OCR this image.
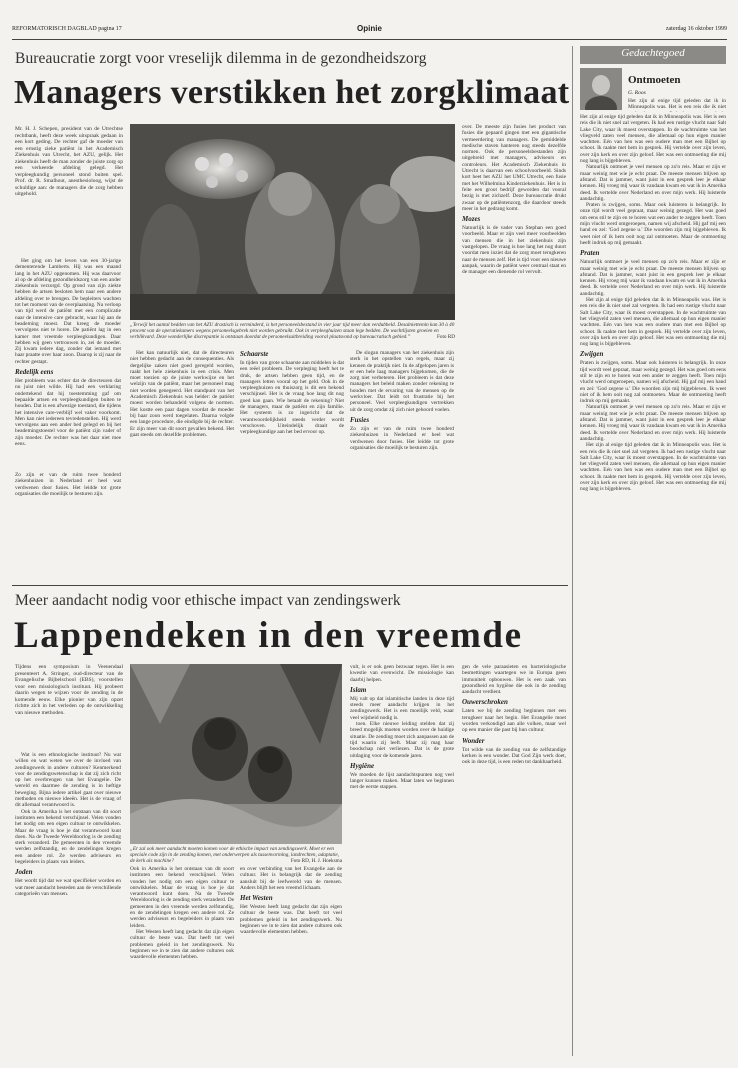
REFORMATORISCH DAGBLAD pagina 17	Opinie	zaterdag 16 oktober 1999
Bureaucratie zorgt voor vreselijk dilemma in de gezondheidszorg
Managers verstikken het zorgklimaat
Mr. H. J. Schepen, president van de Utrechtse rechtbank, heeft deze week uitspraak gedaan in een kort geding. De rechter gaf de moeder van een ernstig zieke patiënt in het Academisch Ziekenhuis van Utrecht, het AZU, gelijk. Het ziekenhuis heeft de man zonder de juiste zorg op een verkeerde afdeling gelegd. Het verpleegkundig personeel stond buiten spel. Prof. dr. R. Smalhout, anesthesioloog, wijst de schuldige aan: de managers die de zorg hebben uitgehold.
„Terwijl het aantal bedden van het AZU drastisch is verminderd, is het personeelsbestand in vier jaar tijd meer dan verdubbeld. Desalniettemin kan 30 à 40 procent van de operatiekamers wegens personeelsgebrek niet worden gebruikt. Ook in verpleeghuizen staan lege bedden. De wachtlijsten groeien en verblikvard. Deze wonderlijke discrepantie is ontstaan doordat de personeelsuitbreiding vooral plaatsvond op bureaucratisch gebied.”	Foto RD

Het ging om het leven van een 30-jarige dementerende Lamberts. Hij was een maand lang in het AZU opgenomen. Hij was daarvoor al op de afdeling gezondheidszorg van een ander ziekenhuis verzorgd. Op grond van zijn ziekte hebben de artsen besloten hem naar een andere afdeling over te brengen. De bepleiters wachten tot het moment van de overplaatsing. Na verloop van tijd werd de patiënt met een complicatie naar de intensive care gebracht, waar hij aan de beademing moest. Dat kreeg de moeder vervolgens niet te horen. De patiënt lag in een kamer met vreemde verpleegkundigen. Daar hebben wij geen vertrouwen in, zei de moeder. Zij kwam iedere dag, zonder dat iemand met haar praatte over haar zoon. Daarop is zij naar de rechter gestapt.

Redelijk eens

Het probleem was echter dat de directeuren dat nu juist niet wilde. Hij had een verklaring ondertekend dat hij toestemming gaf om bepaalde artsen en verpleegkundigen buiten te houden. Dat is een afwezige toestand, die tijdens het intensive care-verblijf wel vaker voorkomt. Men kan niet iedereen tevredenstellen. Hij werd vervolgens aan een ander bed gelegd en bij het beademingstoestel voor de patiënt zijn vader of zijn moeder. De rechter was het daar niet mee eens.

Zo zijn er van de ruim twee honderd ziekenhuizen in Nederland er heel wat verdwenen door fusies. Het leidde tot grote organisaties die moeilijk te besturen zijn.

Het kan natuurlijk niet, dat de directeuren niet hebben gedacht aan de consequenties. Als dergelijke zaken niet goed geregeld worden, raakt het hele ziekenhuis in een crisis. Men moet toezien op de juiste werkwijze en het welzijn van de patiënt, maar het personeel mag niet worden genegeerd. Het standpunt van het Academisch Ziekenhuis was helder: de patiënt moest worden behandeld volgens de normen. Het kostte een paar dagen voordat de moeder bij haar zoon werd toegelaten. Daarna volgde een lange procedure, die eindigde bij de rechter. Er zijn meer van dit soort gevallen bekend. Het gaat steeds om dezelfde problemen.

Schaarste

In tijden van grote schaarste aan middelen is dat een reëel probleem. De verpleging heeft het te druk, de artsen hebben geen tijd, en de managers letten vooral op het geld. Ook in de verpleeghuizen en thuiszorg is dit een bekend verschijnsel. Het is de vraag hoe lang dit nog goed kan gaan. Wie betaalt de rekening? Niet de managers, maar de patiënt en zijn familie. Het systeem is zo ingericht dat de verantwoordelijkheid steeds verder wordt verschoven. Uiteindelijk draait de verpleegkundige aan het bed ervoor op.

De slogan managers van het ziekenhuis zijn sterk in het opstellen van regels, maar zij kennen de praktijk niet. In de afgelopen jaren is er een hele laag managers bijgekomen, die de zorg niet verbeteren. Het probleem is dat deze managers het beleid maken zonder rekening te houden met de ervaring van de mensen op de werkvloer. Dat leidt tot frustratie bij het personeel. Veel verpleegkundigen vertrekken uit de zorg omdat zij zich niet gehoord voelen.

Fusies

Zo zijn er van de ruim twee honderd ziekenhuizen in Nederland er heel wat verdwenen door fusies. Het leidde tot grote organisaties die moeilijk te besturen zijn.

over. De meeste zijn fusies het product van fusies die gepaard gingen met een gigantische vermeerdering van managers. De gemiddelde medische staven hanteren nog steeds dezelfde normen. Ook de personeelsbestanden zijn uitgebreid met managers, adviseurs en controleurs. Het Academisch Ziekenhuis in Utrecht is daarvan een schoolvoorbeeld. Sinds kort heet het AZU het UMC Utrecht, een fusie met het Wilhelmina Kinderziekenhuis. Het is in feite een groot bedrijf geworden dat vooral bezig is met zichzelf. Deze bureaucratie drukt zwaar op de patiëntenzorg, die daardoor steeds meer in het gedrang komt.

Mozes

Natuurlijk is de vader van Stephan een goed voorbeeld. Maar er zijn veel meer voorbeelden van mensen die in het ziekenhuis zijn vastgelopen. De vraag is hoe lang het nog duurt voordat men inziet dat de zorg moet terugkeren naar de mensen zelf. Het is tijd voor een nieuwe aanpak, waarin de patiënt weer centraal staat en de manager een dienende rol vervult.

Gedachtegoed
Ontmoeten
G. Roos

Het zijn al enige tijd geleden dat ik in Minneapolis was. Het is een reis die ik niet

Het zijn al enige tijd geleden dat ik in Minneapolis was. Het is een reis die ik niet snel zal vergeten. Ik had een rustige vlucht naar Salt Lake City, waar ik moest overstappen. In de wachtruimte van het vliegveld zaten veel mensen, die allemaal op hun eigen manier wachtten. Eén van hen was een oudere man met een Bijbel op schoot. Ik raakte met hem in gesprek. Hij vertelde over zijn leven, over zijn kerk en over zijn geloof. Het was een ontmoeting die mij nog lang is bijgebleven.

Natuurlijk ontmoet je veel mensen op zo'n reis. Maar er zijn er maar weinig met wie je echt praat. De meeste mensen blijven op afstand. Dat is jammer, want juist in een gesprek leer je elkaar kennen. Hij vroeg mij waar ik vandaan kwam en wat ik in Amerika deed. Ik vertelde over Nederland en over mijn werk. Hij luisterde aandachtig.

Praten is zwijgen, soms. Maar ook luisteren is belangrijk. In onze tijd wordt veel gepraat, maar weinig gezegd. Het was goed om eens stil te zijn en te horen wat een ander te zeggen heeft. Toen mijn vlucht werd omgeroepen, namen wij afscheid. Hij gaf mij een hand en zei: 'God zegene u.' Die woorden zijn mij bijgebleven. Ik weet niet of ik hem ooit nog zal ontmoeten. Maar de ontmoeting heeft indruk op mij gemaakt.

Praten

Natuurlijk ontmoet je veel mensen op zo'n reis. Maar er zijn er maar weinig met wie je echt praat. De meeste mensen blijven op afstand. Dat is jammer, want juist in een gesprek leer je elkaar kennen. Hij vroeg mij waar ik vandaan kwam en wat ik in Amerika deed. Ik vertelde over Nederland en over mijn werk. Hij luisterde aandachtig.

Het zijn al enige tijd geleden dat ik in Minneapolis was. Het is een reis die ik niet snel zal vergeten. Ik had een rustige vlucht naar Salt Lake City, waar ik moest overstappen. In de wachtruimte van het vliegveld zaten veel mensen, die allemaal op hun eigen manier wachtten. Eén van hen was een oudere man met een Bijbel op schoot. Ik raakte met hem in gesprek. Hij vertelde over zijn leven, over zijn kerk en over zijn geloof. Het was een ontmoeting die mij nog lang is bijgebleven.

Zwijgen

Praten is zwijgen, soms. Maar ook luisteren is belangrijk. In onze tijd wordt veel gepraat, maar weinig gezegd. Het was goed om eens stil te zijn en te horen wat een ander te zeggen heeft. Toen mijn vlucht werd omgeroepen, namen wij afscheid. Hij gaf mij een hand en zei: 'God zegene u.' Die woorden zijn mij bijgebleven. Ik weet niet of ik hem ooit nog zal ontmoeten. Maar de ontmoeting heeft indruk op mij gemaakt.

Natuurlijk ontmoet je veel mensen op zo'n reis. Maar er zijn er maar weinig met wie je echt praat. De meeste mensen blijven op afstand. Dat is jammer, want juist in een gesprek leer je elkaar kennen. Hij vroeg mij waar ik vandaan kwam en wat ik in Amerika deed. Ik vertelde over Nederland en over mijn werk. Hij luisterde aandachtig.

Het zijn al enige tijd geleden dat ik in Minneapolis was. Het is een reis die ik niet snel zal vergeten. Ik had een rustige vlucht naar Salt Lake City, waar ik moest overstappen. In de wachtruimte van het vliegveld zaten veel mensen, die allemaal op hun eigen manier wachtten. Eén van hen was een oudere man met een Bijbel op schoot. Ik raakte met hem in gesprek. Hij vertelde over zijn leven, over zijn kerk en over zijn geloof. Het was een ontmoeting die mij nog lang is bijgebleven.

Meer aandacht nodig voor ethische impact van zendingswerk
Lappendeken in den vreemde
Tijdens een symposium in Veenendaal presenteert A. Stringer, oud-directeur van de Evangelische Bijbelschool (EBS), voorstellen voor een missiologisch instituut. Hij probeert daarin wegen te wijzen voor de zending in de komende eeuw. Elke pionier van zijn opzet richtte zich in het verleden op de ontwikkeling van nieuwe methoden.
„Er zal ook meer aandacht moeten komen voor de ethische impact van zendingswerk. Moet er een speciale code zijn in de zending komen, met onderwerpen als tussenvorming, landrechten, adaptatie, de kerk als machine?	Foto RD, H. J. Hoeksma

Wat is een ethnologische instituut? Nu wat willen en wat weten we over de invloed van zendingswerk in andere culturen? Kenmerkend voor de zendingswetenschap is dat zij zich richt op het overbrengen van het Evangelie. De wereld en daarmee de zending is in heftige beweging. Bijna iedere artikel gaat over nieuwe methoden en nieuwe ideeën. Het is de vraag of dit allemaal verantwoord is.

Ook in Amerika is het ontstaan van dit soort instituten een bekend verschijnsel. Velen vonden het nodig om een eigen cultuur te ontwikkelen. Maar de vraag is hoe je dat verantwoord kunt doen. Na de Tweede Wereldoorlog is de zending sterk veranderd. De gemeenten in den vreemde werden zelfstandig, en de zendelingen kregen een andere rol. Ze werden adviseurs en begeleiders in plaats van leiders.

Joden

Het wordt tijd dat we wat specifieker worden en wat meer aandacht besteden aan de verschillende categorieën van mensen.

Ook in Amerika is het ontstaan van dit soort instituten een bekend verschijnsel. Velen vonden het nodig om een eigen cultuur te ontwikkelen. Maar de vraag is hoe je dat verantwoord kunt doen. Na de Tweede Wereldoorlog is de zending sterk veranderd. De gemeenten in den vreemde werden zelfstandig, en de zendelingen kregen een andere rol. Ze werden adviseurs en begeleiders in plaats van leiders.

Het Westen heeft lang gedacht dat zijn eigen cultuur de beste was. Dat heeft tot veel problemen geleid in het zendingswerk. Nu beginnen we in te zien dat andere culturen ook waardevolle elementen hebben.

en over verbinding van het Evangelie aan de cultuur. Het is belangrijk dat de zending aansluit bij de leefwereld van de mensen. Anders blijft het een vreemd lichaam.

Het Westen

Het Westen heeft lang gedacht dat zijn eigen cultuur de beste was. Dat heeft tot veel problemen geleid in het zendingswerk. Nu beginnen we in te zien dat andere culturen ook waardevolle elementen hebben.

vult, is er ook geen bezwaar tegen. Het is een kwestie van evenwicht. De missiologie kan daarbij helpen.

Islam

Mij valt op dat islamitische landen in deze tijd steeds meer aandacht krijgen in het zendingswerk. Het is een moeilijk veld, waar veel wijsheid nodig is.

toen. Elke nieuwe leiding stelden dat zij breed mogelijk moeten worden over de huidige situatie. De zending moet zich aanpassen aan de tijd waarin zij leeft. Maar zij mag haar boodschap niet verliezen. Dat is de grote uitdaging voor de komende jaren.

Hygiëne

We moeden de lijst aandachtspunten nog veel langer kunnen maken. Maar laten we beginnen met de eerste stappen.

gen de vele paraasieten en bacteriologische besmettingen waartegen we in Europa geen immuniteit opbouwen. Het is een zaak van gezondheid en hygiëne die ook in de zending aandacht verdient.

Ouwerschroken

Laten we bij de zending beginnen met een terugkeer naar het begin. Het Evangelie moet worden verkondigd aan alle volken, maar wel op een manier die past bij hun cultuur.

Wonder

Tot wilde van de zending van de zelfstandige kerken is een wonder. Dat God Zijn werk doet, ook in deze tijd, is een reden tot dankbaarheid.
